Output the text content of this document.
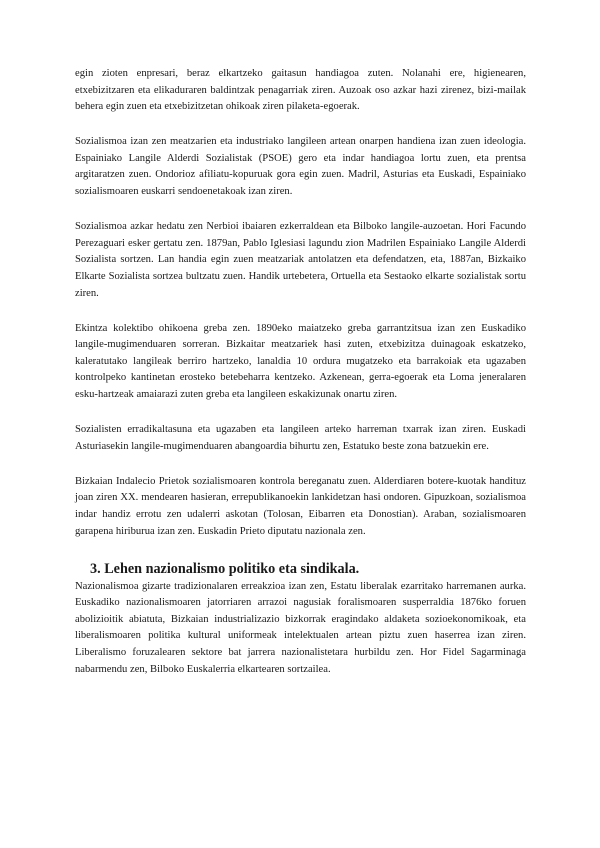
egin zioten enpresari, beraz elkartzeko gaitasun handiagoa zuten. Nolanahi ere, higienearen, etxebizitzaren eta elikaduraren baldintzak penagarriak ziren. Auzoak oso azkar hazi zirenez, bizi-mailak behera egin zuen eta etxebizitzetan ohikoak ziren pilaketa-egoerak.

Sozialismoa izan zen meatzarien eta industriako langileen artean onarpen handiena izan zuen ideologia. Espainiako Langile Alderdi Sozialistak (PSOE) gero eta indar handiagoa lortu zuen, eta prentsa argitaratzen zuen. Ondorioz afiliatu-kopuruak gora egin zuen. Madril, Asturias eta Euskadi, Espainiako sozialismoaren euskarri sendoenetakoak izan ziren.

Sozialismoa azkar hedatu zen Nerbioi ibaiaren ezkerraldean eta Bilboko langile-auzoetan. Hori Facundo Perezaguari esker gertatu zen. 1879an, Pablo Iglesiasi lagundu zion Madrilen Espainiako Langile Alderdi Sozialista sortzen. Lan handia egin zuen meatzariak antolatzen eta defendatzen, eta, 1887an, Bizkaiko Elkarte Sozialista sortzea bultzatu zuen. Handik urtebetera, Ortuella eta Sestaoko elkarte sozialistak sortu ziren.

Ekintza kolektibo ohikoena greba zen. 1890eko maiatzeko greba garrantzitsua izan zen Euskadiko langile-mugimenduaren sorreran. Bizkaitar meatzariek hasi zuten, etxebizitza duinagoak eskatzeko, kaleratutako langileak berriro hartzeko, lanaldia 10 ordura mugatzeko eta barrakoiak eta ugazaben kontrolpeko kantinetan erosteko betebeharra kentzeko. Azkenean, gerra-egoerak eta Loma jeneralaren esku-hartzeak amaiarazi zuten greba eta langileen eskakizunak onartu ziren.

Sozialisten erradikaltasuna eta ugazaben eta langileen arteko harreman txarrak izan ziren. Euskadi Asturiasekin langile-mugimenduaren abangoardia bihurtu zen, Estatuko beste zona batzuekin ere.

Bizkaian Indalecio Prietok sozialismoaren kontrola bereganatu zuen. Alderdiaren botere-kuotak handituz joan ziren XX. mendearen hasieran, errepublikanoekin lankidetzan hasi ondoren. Gipuzkoan, sozialismoa indar handiz errotu zen udalerri askotan (Tolosan, Eibarren eta Donostian). Araban, sozialismoaren garapena hiriburua izan zen. Euskadin Prieto diputatu nazionala zen.

3. Lehen nazionalismo politiko eta sindikala.

Nazionalismoa gizarte tradizionalaren erreakzioa izan zen, Estatu liberalak ezarritako harremanen aurka. Euskadiko nazionalismoaren jatorriaren arrazoi nagusiak foralismoaren susperraldia 1876ko foruen abolizioitik abiatuta, Bizkaian industrializazio bizkorrak eragindako aldaketa sozioekonomikoak, eta liberalismoaren politika kultural uniformeak intelektualen artean piztu zuen haserrea izan ziren. Liberalismo foruzalearen sektore bat jarrera nazionalistetara hurbildu zen. Hor Fidel Sagarminaga nabarmendu zen, Bilboko Euskalerria elkartearen sortzailea.
